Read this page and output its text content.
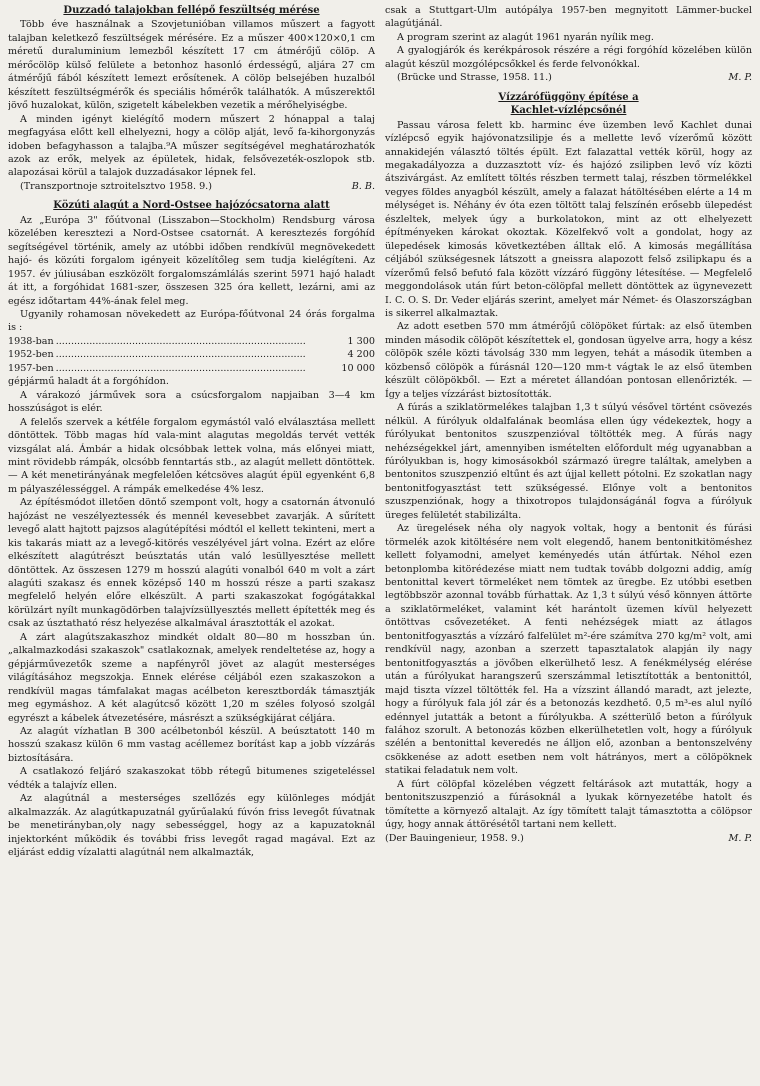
Duzzadó talajokban fellépő feszültség mérése

Több éve használnak a Szovjetunióban villamos műszert a fagyott talajban keletkező feszültségek mérésére. Ez a műszer 400×120×0,1 cm méretű duraluminium lemezből készített 17 cm átmérőjű cölöp. A mérőcölöp külső felülete a betonhoz hasonló érdességű, aljára 27 cm átmérőjű fából készített lemezt erősítenek. A cölöp belsejében huzalból készített feszültségmérők és speciális hőmérők találhatók. A műszerektől jövő huzalokat, külön, szigetelt kábelekben vezetik a mérőhelyiségbe.

A minden igényt kielégítő modern műszert 2 hónappal a talaj megfagyása előtt kell elhelyezni, hogy a cölöp alját, levő fa-kihorgonyzás idoben befagyhasson a talajba.⁹A műszer segítségével meghatározhatók azok az erők, melyek az épületek, hidak, felsővezeték-oszlopok stb. alapozásai körül a talajok duzzadásakor lépnek fel.

(Transzportnoje sztroitelsztvo 1958. 9.)	B. B.
Közúti alagút a Nord-Ostsee hajózócsatorna alatt

Az „Európa 3" főútvonal (Lisszabon—Stockholm) Rendsburg városa közelében keresztezi a Nord-Ostsee csatornát. A keresztezés forgóhíd segítségével történik, amely az utóbbi időben rendkívül megnövekedett hajó- és közúti forgalom igényeit közelítőleg sem tudja kielégíteni. Az 1957. év júliusában eszközölt forgalomszámlálás szerint 5971 hajó haladt át itt, a forgóhidat 1681-szer, összesen 325 óra kellett, lezárni, ami az egész időtartam 44%-ának felel meg.

Ugyanily rohamosan növekedett az Európa-főútvonal 24 órás forgalma is :

1938-ban ..................................................................................	1 300
1952-ben ..................................................................................	4 200
1957-ben ..................................................................................	10 000

gépjármű haladt át a forgóhídon.

A várakozó járművek sora a csúcsforgalom napjaiban 3—4 km hosszúságot is elér.

A felelős szervek a kétféle forgalom egymástól való elválasztása mellett döntöttek. Több magas híd vala-mint alagutas megoldás tervét vették vizsgálat alá. Ámbár a hidak olcsóbbak lettek volna, más előnyei miatt, mint rövidebb rámpák, olcsóbb fenntartás stb., az alagút mellett döntöttek. — A két menetirányának megfelelően kétcsöves alagút épül egyenként 6,8 m pályaszélességgel. A rámpák emelkedése 4% lesz.

Az építésmódot illetően döntő szempont volt, hogy a csatornán átvonuló hajózást ne veszélyeztessék és mennél kevesebbet zavarják. A sűrített levegő alatt hajtott pajzsos alagútépítési módtól el kellett tekinteni, mert a kis takarás miatt az a levegő-kitörés veszélyével járt volna. Ezért az előre elkészített alagútrészt beúsztatás után való lesüllyesztése mellett döntöttek. Az összesen 1279 m hosszú alagúti vonalból 640 m volt a zárt alagúti szakasz és ennek középső 140 m hosszú része a parti szakasz megfelelő helyén előre elkészült. A parti szakaszokat fogógátakkal körülzárt nyílt munkagödörben talajvízsüllyesztés mellett építették meg és csak az úsztatható rész helyezése alkalmával árasztották el azokat.

A zárt alagútszakaszhoz mindkét oldalt 80—80 m hosszban ún. „alkalmazkodási szakaszok" csatlakoznak, amelyek rendeltetése az, hogy a gépjárművezetők szeme a napfényről jövet az alagút mesterséges világításához megszokja. Ennek elérése céljából ezen szakaszokon a rendkívül magas támfalakat magas acélbeton keresztbordák támasztják meg egymáshoz. A két alagútcső között 1,20 m széles folyosó szolgál egyrészt a kábelek átvezetésére, másrészt a szükségkijárat céljára.

Az alagút vízhatlan B 300 acélbetonból készül. A beúsztatott 140 m hosszú szakasz külön 6 mm vastag acéllemez borítást kap a jobb vízzárás biztosítására.

A csatlakozó feljáró szakaszokat több rétegű bitumenes szigeteléssel védték a talajvíz ellen.

Az alagútnál a mesterséges szellőzés egy különleges módját alkalmazzák. Az alagútkapuzatnál gyűrűalakú fúvón friss levegőt fúvatnak be menetirányban,oly nagy sebességgel, hogy az a kapuzatoknál injektorként működik és további friss levegőt ragad magával. Ezt az eljárást eddig vízalatti alagútnál nem alkalmazták,

csak a Stuttgart-Ulm autópálya 1957-ben megnyitott Lämmer-buckel alagútjánál.

A program szerint az alagút 1961 nyarán nyílik meg.

A gyalogjárók és kerékpárosok részére a régi forgóhíd közelében külön alagút készül mozgólépcsőkkel és ferde felvonókkal.

(Brücke und Strasse, 1958. 11.)	M. P.
Vízzárófüggöny építése a
Kachlet-vízlépcsőnél

Passau városa felett kb. harminc éve üzemben levő Kachlet dunai vízlépcső egyik hajóvonatzsilipje és a mellette levő vízerőmű között annakidején választó töltés épült. Ezt falazattal vették körül, hogy az megakadályozza a duzzasztott víz- és hajózó zsilipben levő víz közti átszivárgást. Az említett töltés részben termett talaj, részben törmelékkel vegyes földes anyagból készült, amely a falazat hátöltésében elérte a 14 m mélységet is. Néhány év óta ezen töltött talaj felszínén erősebb ülepedést észleltek, melyek úgy a burkolatokon, mint az ott elhelyezett építményeken károkat okoztak. Közelfekvő volt a gondolat, hogy az ülepedések kimosás következtében álltak elő. A kimosás megállítása céljából szükségesnek látszott a gneissra alapozott felső zsilipkapu és a vízerőmű felső befutó fala között vízzáró függöny létesítése. — Megfelelő meggondolások után fúrt beton-cölöpfal mellett döntöttek az ügynevezett I. C. O. S. Dr. Veder eljárás szerint, amelyet már Német- és Olaszországban is sikerrel alkalmaztak.

Az adott esetben 570 mm átmérőjű cölöpöket fúrtak: az első ütemben minden második cölöpöt készítettek el, gondosan ügyelve arra, hogy a kész cölöpök széle közti távolság 330 mm legyen, tehát a második ütemben a közbenső cölöpök a fúrásnál 120—120 mm-t vágtak le az első ütemben készült cölöpökből. — Ezt a méretet állandóan pontosan ellenőrizték. — Így a teljes vízzárást biztosították.

A fúrás a sziklatörmelékes talajban 1,3 t súlyú vésővel történt csövezés nélkül. A fúrólyuk oldalfalának beomlása ellen úgy védekeztek, hogy a fúrólyukat bentonitos szuszpenzióval töltötték meg. A fúrás nagy nehézségekkel járt, amennyiben ismételten előfordult még ugyanabban a fúrólyukban is, hogy kimosásokból származó üregre találtak, amelyben a bentonitos szuszpenzió eltűnt és azt újjal kellett pótolni. Ez szokatlan nagy bentonitfogyasztást tett szükségessé. Előnye volt a bentonitos szuszpenziónak, hogy a thixotropos tulajdonságánál fogva a fúrólyuk üreges felületét stabilizálta.

Az üregelések néha oly nagyok voltak, hogy a bentonit és fúrási törmelék azok kitöltésére nem volt elegendő, hanem bentonitkitöméshez kellett folyamodni, amelyet keményedés után átfúrtak. Néhol ezen betonplomba kitörédezése miatt nem tudtak tovább dolgozni addig, amíg bentonittal kevert törmeléket nem tömtek az üregbe. Ez utóbbi esetben legtöbbször azonnal tovább fúrhattak. Az 1,3 t súlyú véső könnyen áttörte a sziklatörmeléket, valamint két harántolt üzemen kívül helyezett öntöttvas csővezetéket. A fenti nehézségek miatt az átlagos bentonitfogyasztás a vízzáró falfelület m²-ére számítva 270 kg/m² volt, ami rendkívül nagy, azonban a szerzett tapasztalatok alapján ily nagy bentonitfogyasztás a jövőben elkerülhető lesz. A fenékmélység elérése után a fúrólyukat harangszerű szerszámmal letisztították a bentonittól, majd tiszta vízzel töltötték fel. Ha a vízszint állandó maradt, azt jelezte, hogy a fúrólyuk fala jól zár és a betonozás kezdhető. 0,5 m³-es alul nyíló edénnyel jutatták a betont a fúrólyukba. A szétterülő beton a fúrólyuk falához szorult. A betonozás közben elkerülhetetlen volt, hogy a fúrólyuk szélén a bentonittal keveredés ne álljon elő, azonban a bentonszelvény csökkenése az adott esetben nem volt hátrányos, mert a cölöpöknek statikai feladatuk nem volt.

A fúrt cölöpfal közelében végzett feltárások azt mutatták, hogy a bentonitszuszpenzió a fúrásoknál a lyukak környezetébe hatolt és tömítette a környező altalajt. Az így tömített talajt támasztotta a cölöpsor úgy, hogy annak áttörésétől tartani nem kellett.

(Der Bauingenieur, 1958. 9.)	M. P.
